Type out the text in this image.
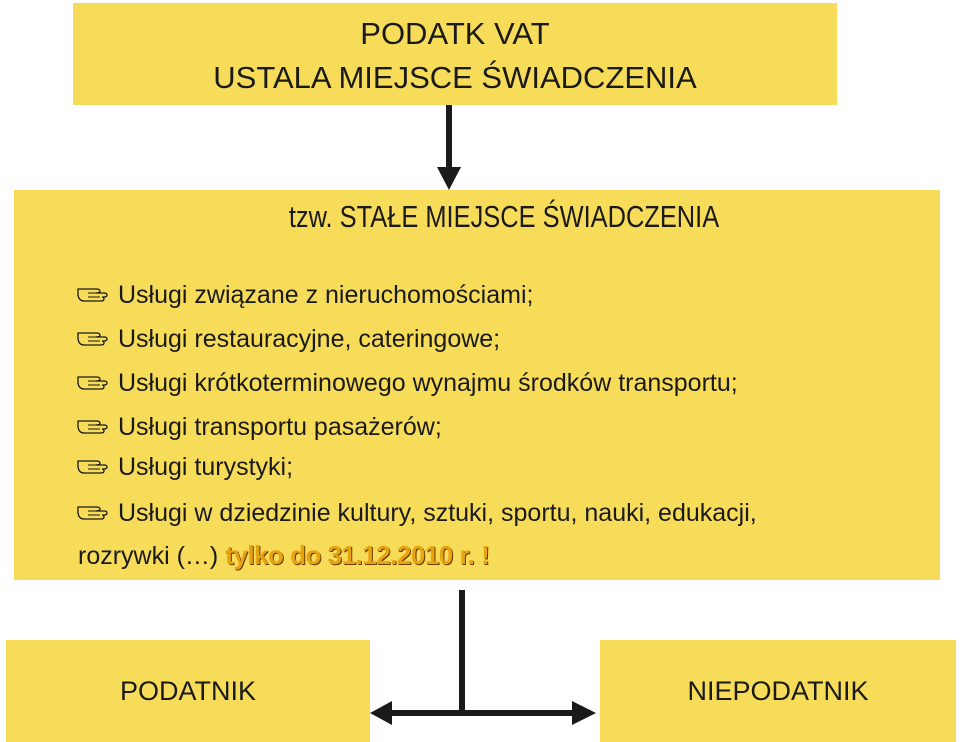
PODATK VAT
USTALA MIEJSCE ŚWIADCZENIA
tzw. STAŁE MIEJSCE ŚWIADCZENIA
Usługi związane z nieruchomościami;
Usługi restauracyjne, cateringowe;
Usługi krótkoterminowego wynajmu środków transportu;
Usługi transportu pasażerów;
Usługi turystyki;
Usługi w dziedzinie kultury, sztuki, sportu, nauki, edukacji,
rozrywki (…) tylko do 31.12.2010 r. !
PODATNIK	NIEPODATNIK
